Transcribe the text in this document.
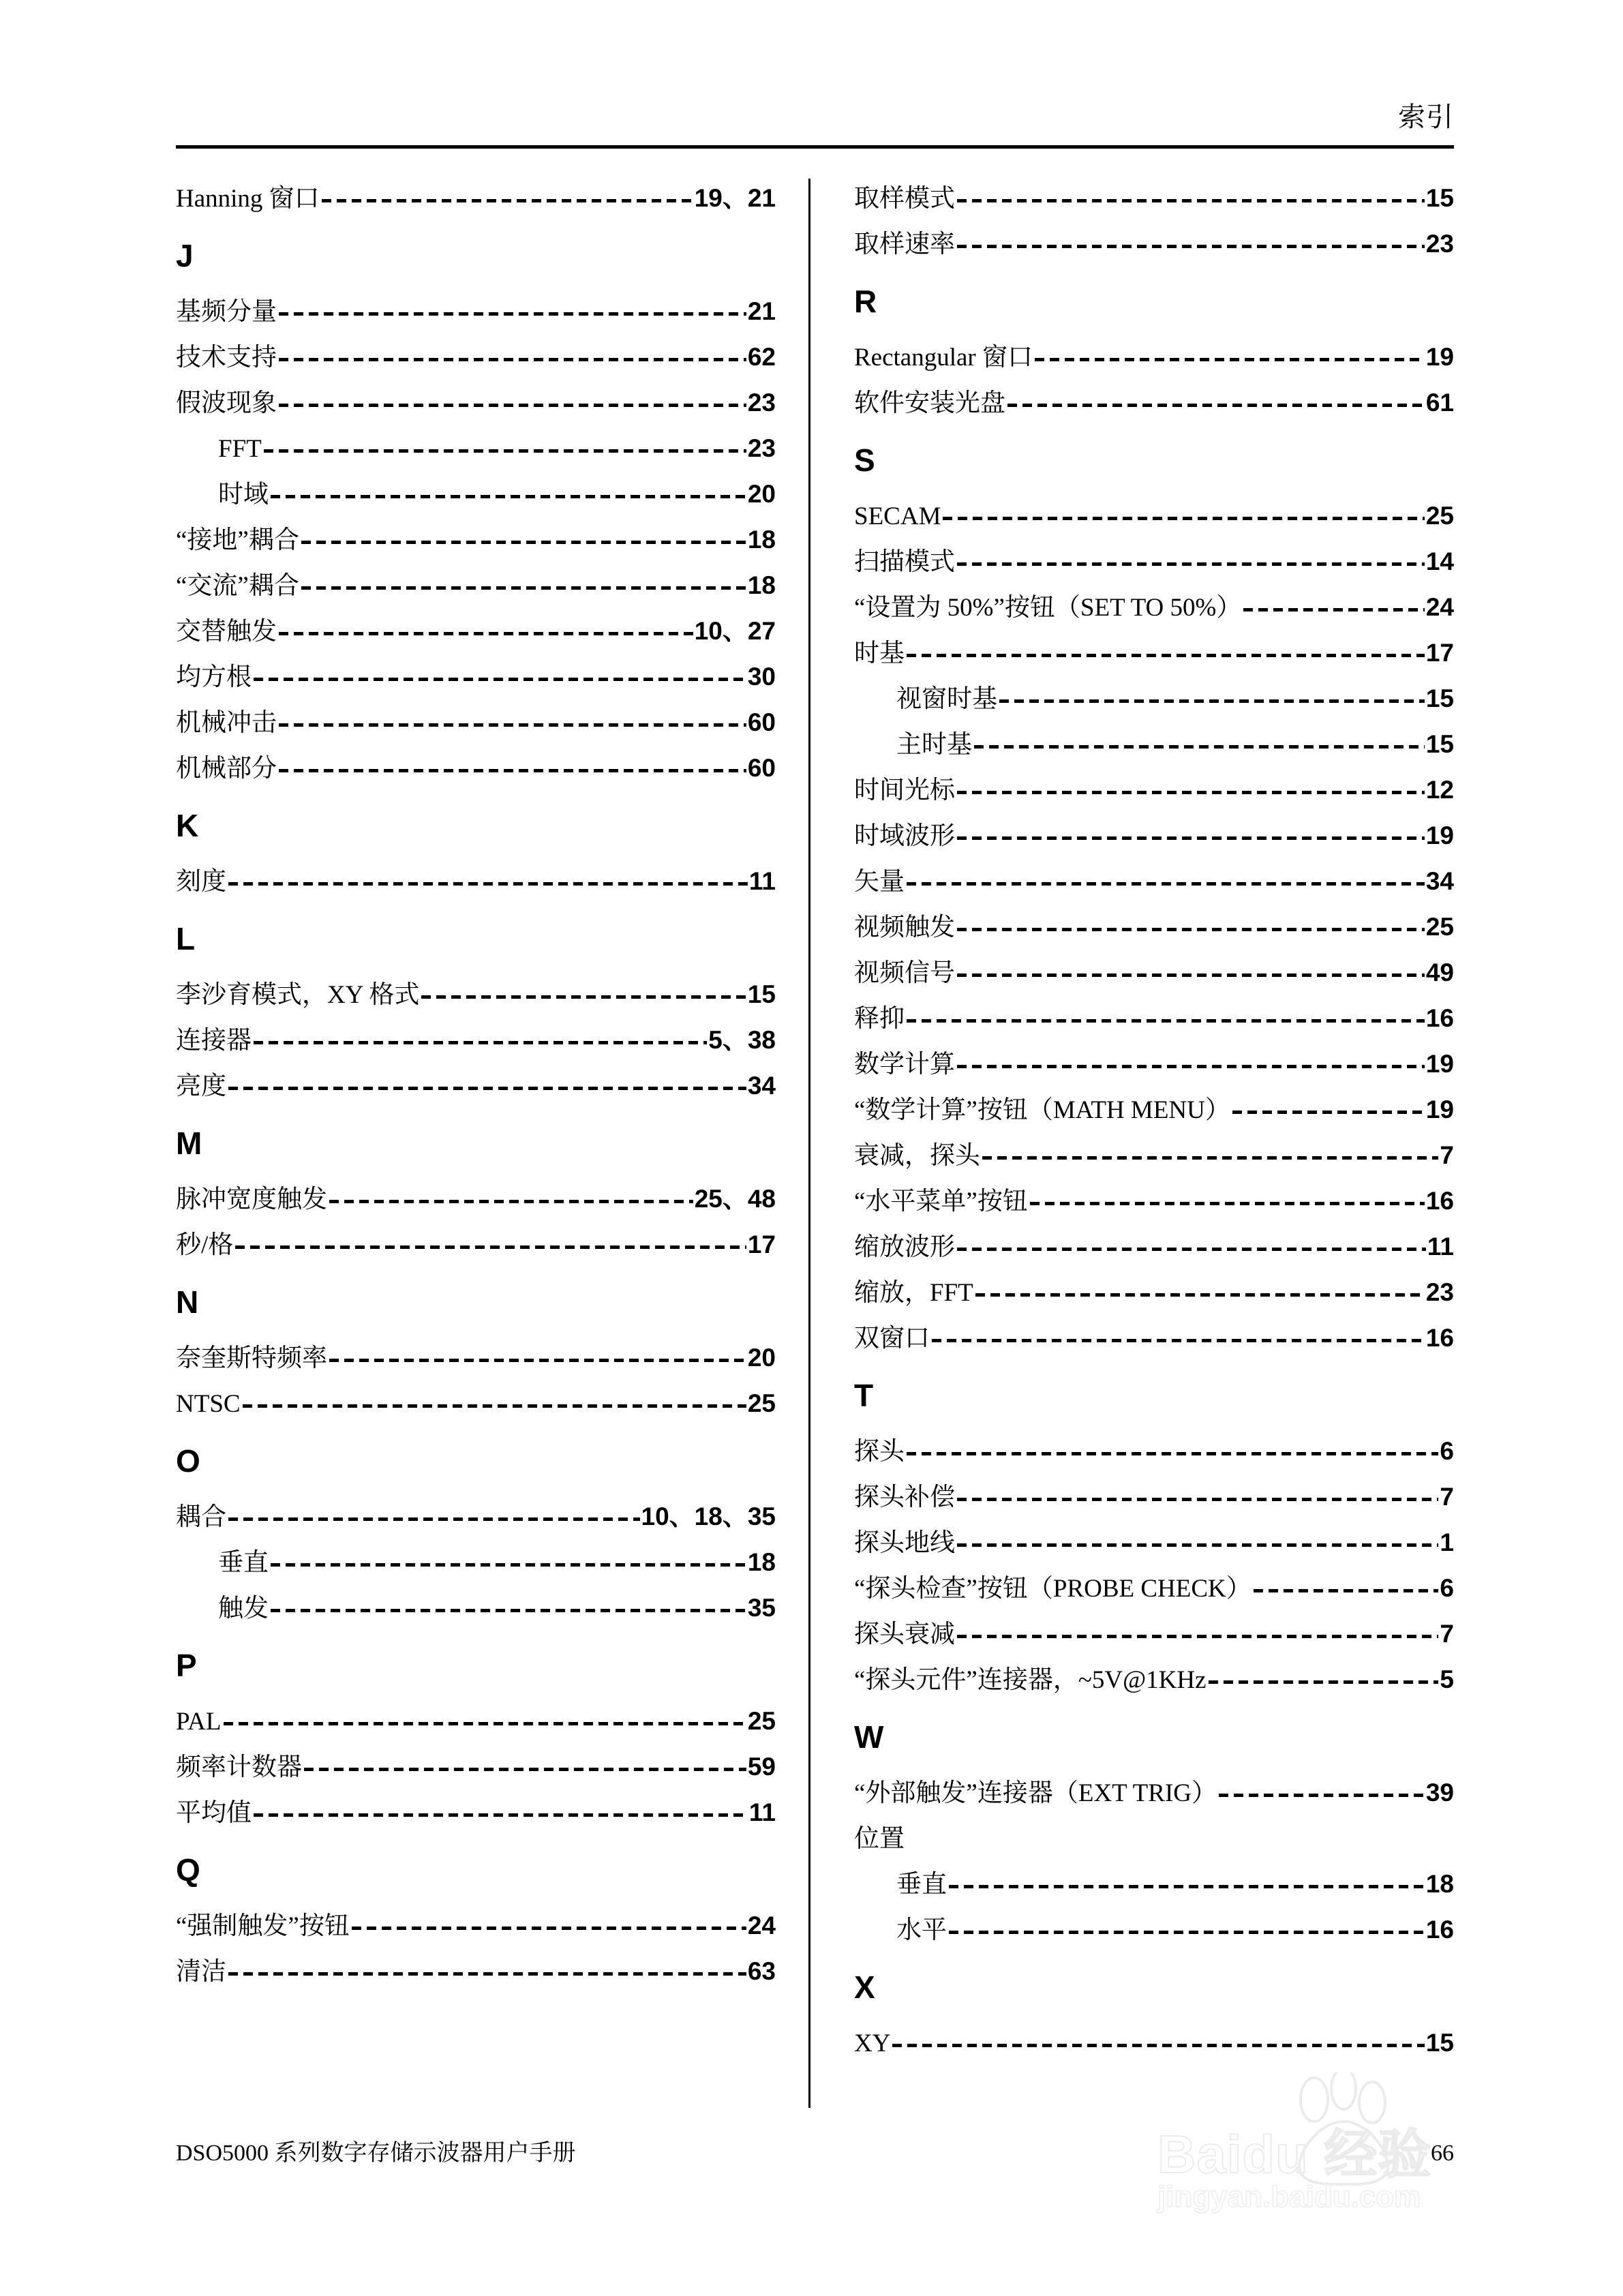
索引
Hanning 窗口	19、21
J
基频分量	21
技术支持	62
假波现象	23
FFT	23
时域	20
“接地”耦合	18
“交流”耦合	18
交替触发	10、27
均方根	30
机械冲击	60
机械部分	60
K
刻度	11
L
李沙育模式，XY 格式	15
连接器	5、38
亮度	34
M
脉冲宽度触发	25、48
秒/格	17
N
奈奎斯特频率	20
NTSC	25
O
耦合	10、18、35
垂直	18
触发	35
P
PAL	25
频率计数器	59
平均值	11
Q
“强制触发”按钮	24
清洁	63
取样模式	15
取样速率	23
R
Rectangular 窗口	19
软件安装光盘	61
S
SECAM	25
扫描模式	14
“设置为 50%”按钮（SET TO 50%）	24
时基	17
视窗时基	15
主时基	15
时间光标	12
时域波形	19
矢量	34
视频触发	25
视频信号	49
释抑	16
数学计算	19
“数学计算”按钮（MATH MENU）	19
衰减，探头	7
“水平菜单”按钮	16
缩放波形	11
缩放，FFT	23
双窗口	16
T
探头	6
探头补偿	7
探头地线	1
“探头检查”按钮（PROBE CHECK）	6
探头衰减	7
“探头元件”连接器，~5V@1KHz	5
W
“外部触发”连接器（EXT TRIG）	39
位置
垂直	18
水平	16
X
XY	15
DSO5000 系列数字存储示波器用户手册	66
Baidu 经验
jingyan.baidu.com
